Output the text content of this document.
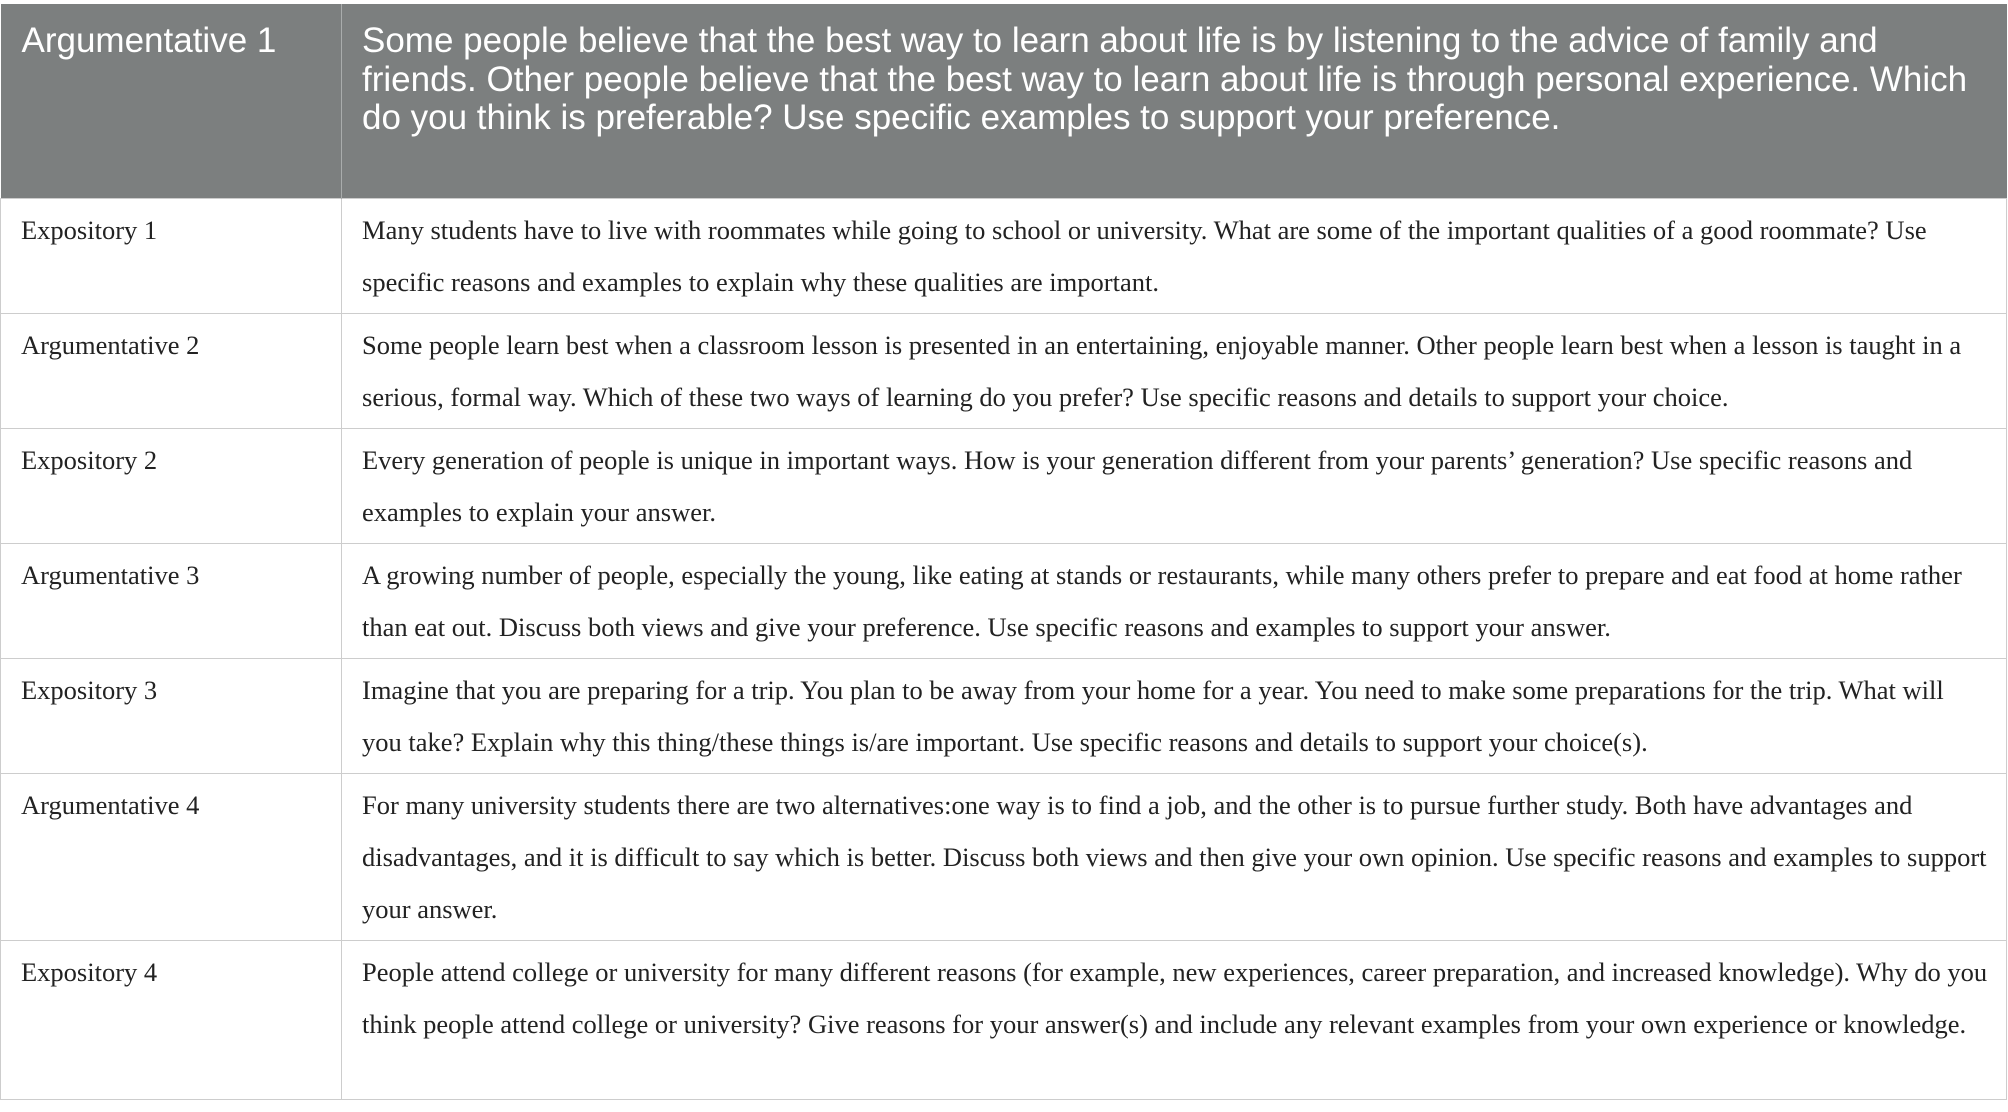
Argumentative 1	Some people believe that the best way to learn about life is by listening to the advice of family and friends. Other people believe that the best way to learn about life is through personal experience. Which do you think is preferable? Use specific examples to support your preference.
Expository 1	Many students have to live with roommates while going to school or university. What are some of the important qualities of a good roommate? Use specific reasons and examples to explain why these qualities are important.
Argumentative 2	Some people learn best when a classroom lesson is presented in an entertaining, enjoyable manner. Other people learn best when a lesson is taught in a serious, formal way. Which of these two ways of learning do you prefer? Use specific reasons and details to support your choice.
Expository 2	Every generation of people is unique in important ways. How is your generation different from your parents’ generation? Use specific reasons and examples to explain your answer.
Argumentative 3	A growing number of people, especially the young, like eating at stands or restaurants, while many others prefer to prepare and eat food at home rather than eat out. Discuss both views and give your preference. Use specific reasons and examples to support your answer.
Expository 3	Imagine that you are preparing for a trip. You plan to be away from your home for a year. You need to make some preparations for the trip. What will you take? Explain why this thing/these things is/are important. Use specific reasons and details to support your choice(s).
Argumentative 4	For many university students there are two alternatives:one way is to find a job, and the other is to pursue further study. Both have advantages and disadvantages, and it is difficult to say which is better. Discuss both views and then give your own opinion. Use specific reasons and examples to support your answer.
Expository 4	People attend college or university for many different reasons (for example, new experiences, career preparation, and increased knowledge). Why do you think people attend college or university? Give reasons for your answer(s) and include any relevant examples from your own experience or knowledge.
